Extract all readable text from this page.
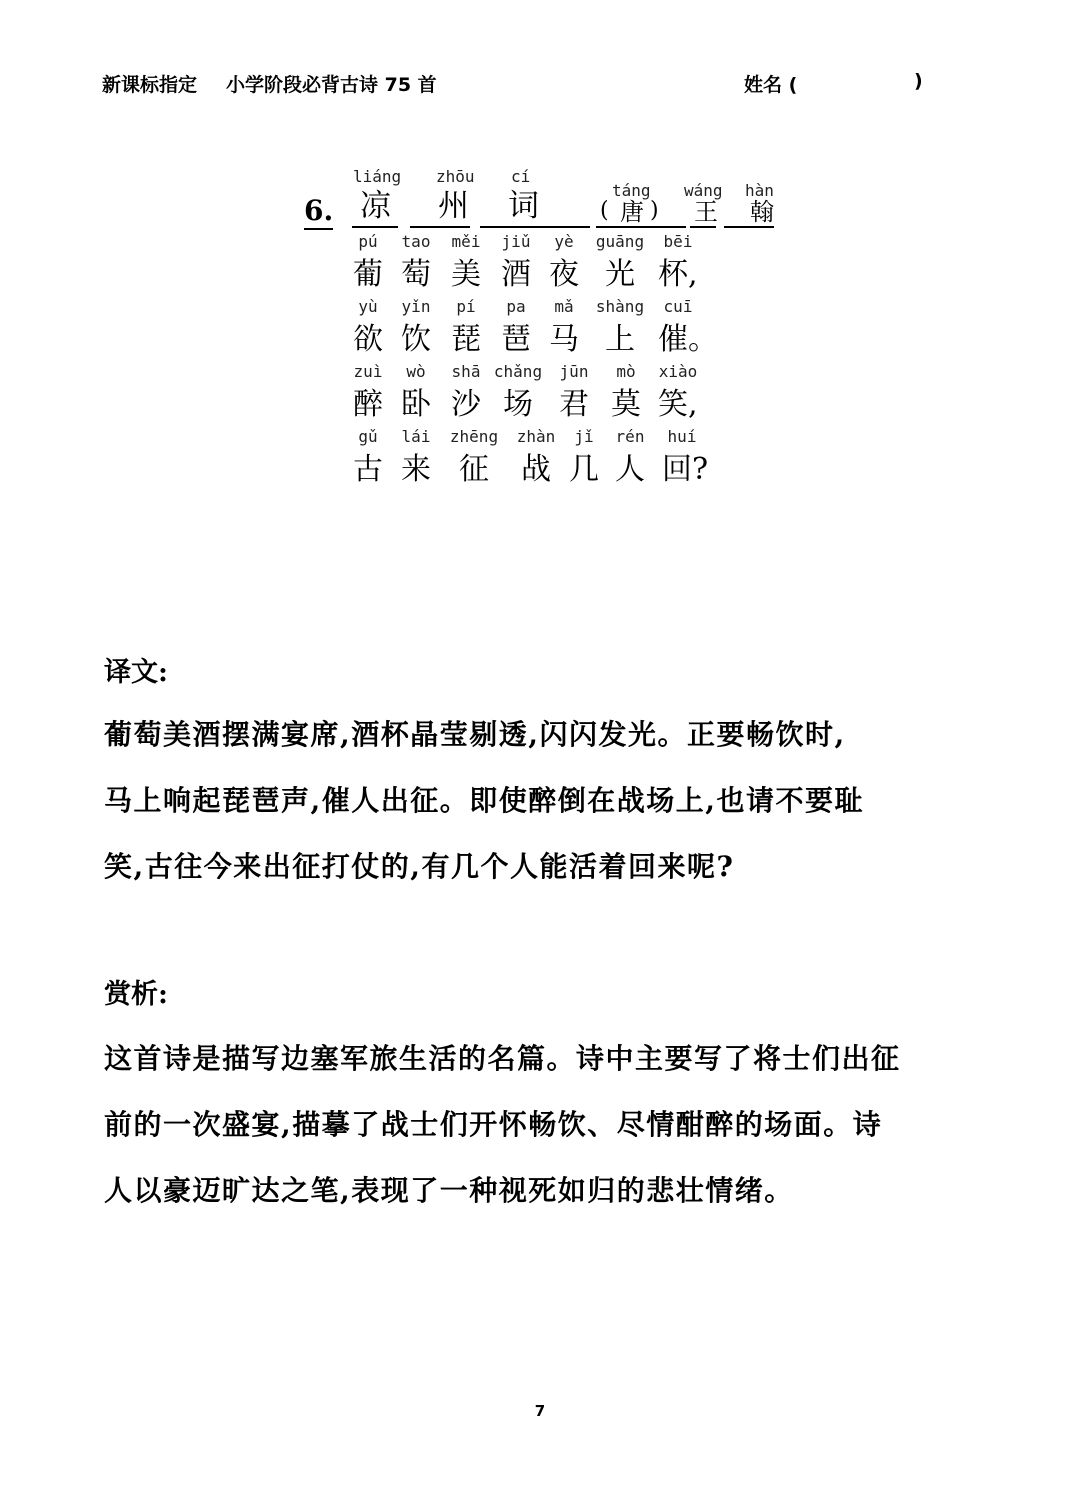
新课标指定 小学阶段必背古诗 75 首	姓名 (	)
6.
liáng zhōu cí
凉 州 词	táng wáng hàn
( 唐 ) 王 翰
pú	tao	měi	jiǔ	yè	guāng	bēi
葡 萄 美 酒 夜 光 杯,
yù	yǐn	pí	pa	mǎ	shàng	cuī
欲 饮 琵 琶 马 上 催。
zuì	wò	shā chǎng	jūn	mò	xiào
醉 卧 沙 场 君 莫 笑,
gǔ	lái	zhēng	zhàn	jǐ	rén	huí
古 来 征	战 几 人 回?
译文:
葡萄美酒摆满宴席,酒杯晶莹剔透,闪闪发光。正要畅饮时,
马上响起琵琶声,催人出征。即使醉倒在战场上,也请不要耻
笑,古往今来出征打仗的,有几个人能活着回来呢?
赏析:
这首诗是描写边塞军旅生活的名篇。诗中主要写了将士们出征
前的一次盛宴,描摹了战士们开怀畅饮、尽情酣醉的场面。诗
人以豪迈旷达之笔,表现了一种视死如归的悲壮情绪。
7
